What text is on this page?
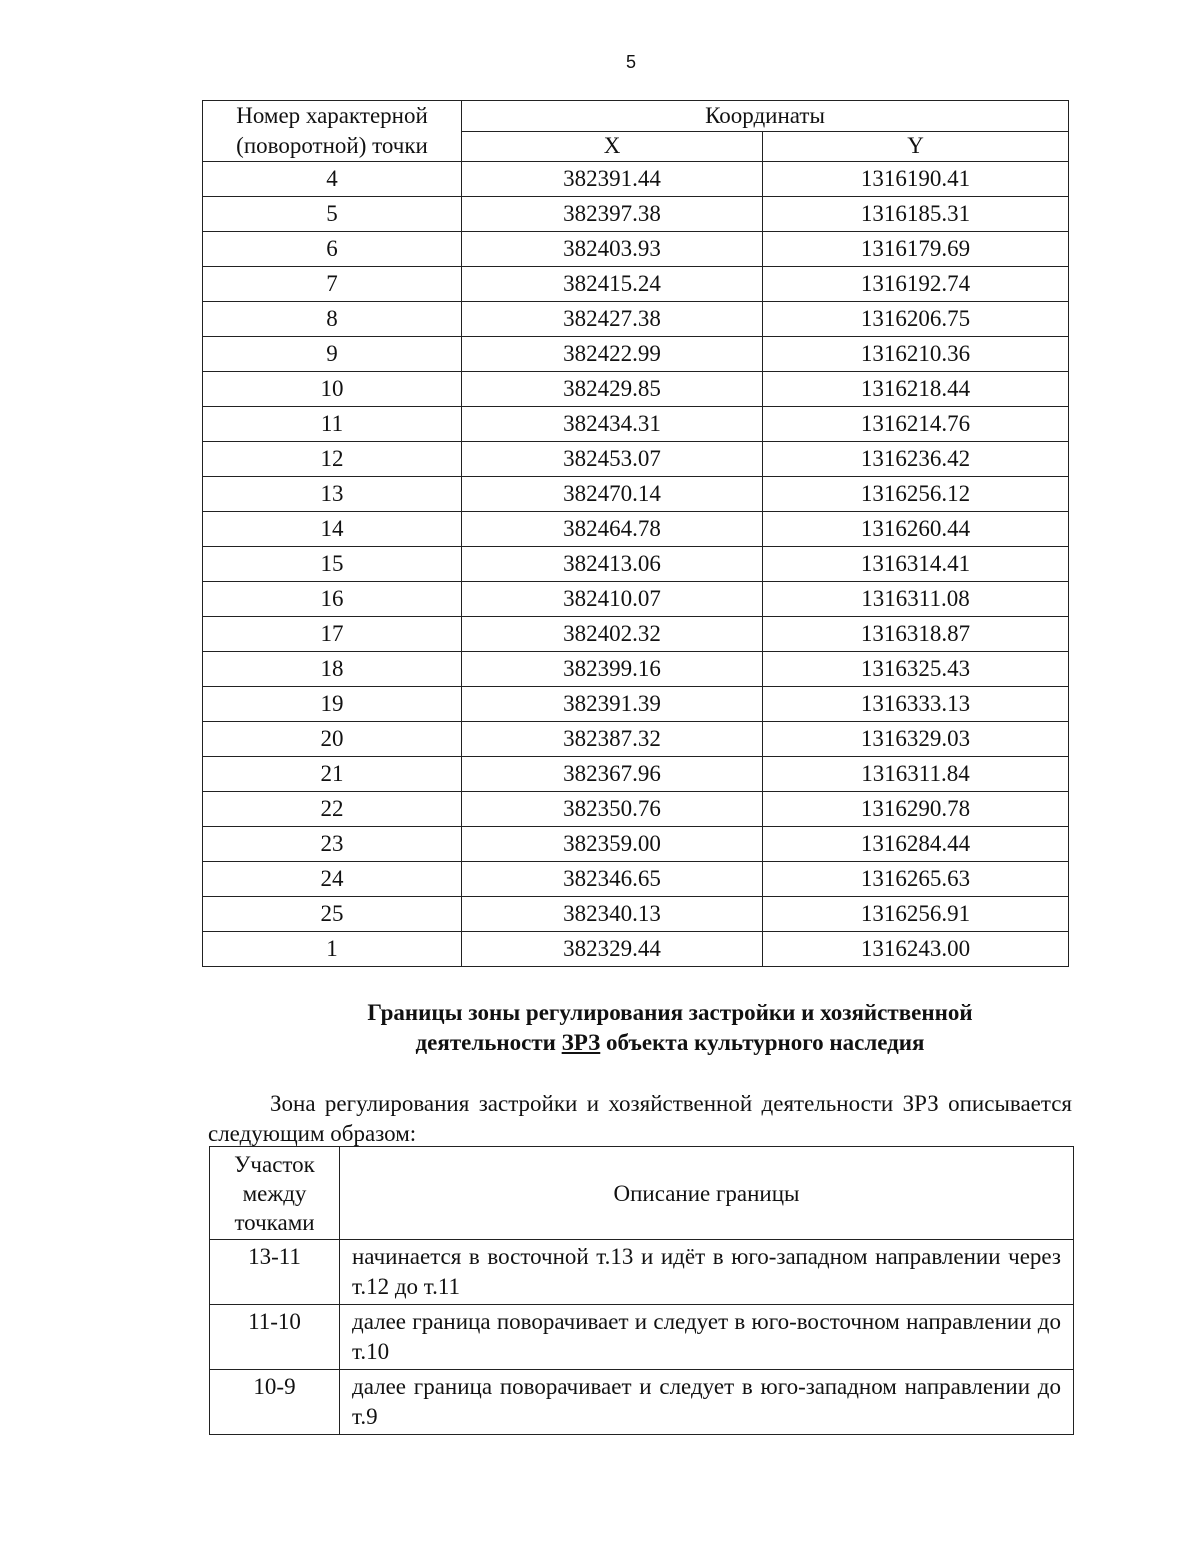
5
Номер характерной
(поворотной) точки	Координаты	
	X	Y
4	382391.44	1316190.41
5	382397.38	1316185.31
6	382403.93	1316179.69
7	382415.24	1316192.74
8	382427.38	1316206.75
9	382422.99	1316210.36
10	382429.85	1316218.44
11	382434.31	1316214.76
12	382453.07	1316236.42
13	382470.14	1316256.12
14	382464.78	1316260.44
15	382413.06	1316314.41
16	382410.07	1316311.08
17	382402.32	1316318.87
18	382399.16	1316325.43
19	382391.39	1316333.13
20	382387.32	1316329.03
21	382367.96	1316311.84
22	382350.76	1316290.78
23	382359.00	1316284.44
24	382346.65	1316265.63
25	382340.13	1316256.91
1	382329.44	1316243.00
Границы зоны регулирования застройки и хозяйственной
деятельности ЗРЗ объекта культурного наследия
Зона регулирования застройки и хозяйственной деятельности ЗРЗ описывается следующим образом:
Участок
между
точками	Описание границы
13-11	начинается в восточной т.13 и идёт в юго-западном направлении через т.12 до т.11
11-10	далее граница поворачивает и следует в юго-восточном направлении до т.10
10-9	далее граница поворачивает и следует в юго-западном направлении до т.9
